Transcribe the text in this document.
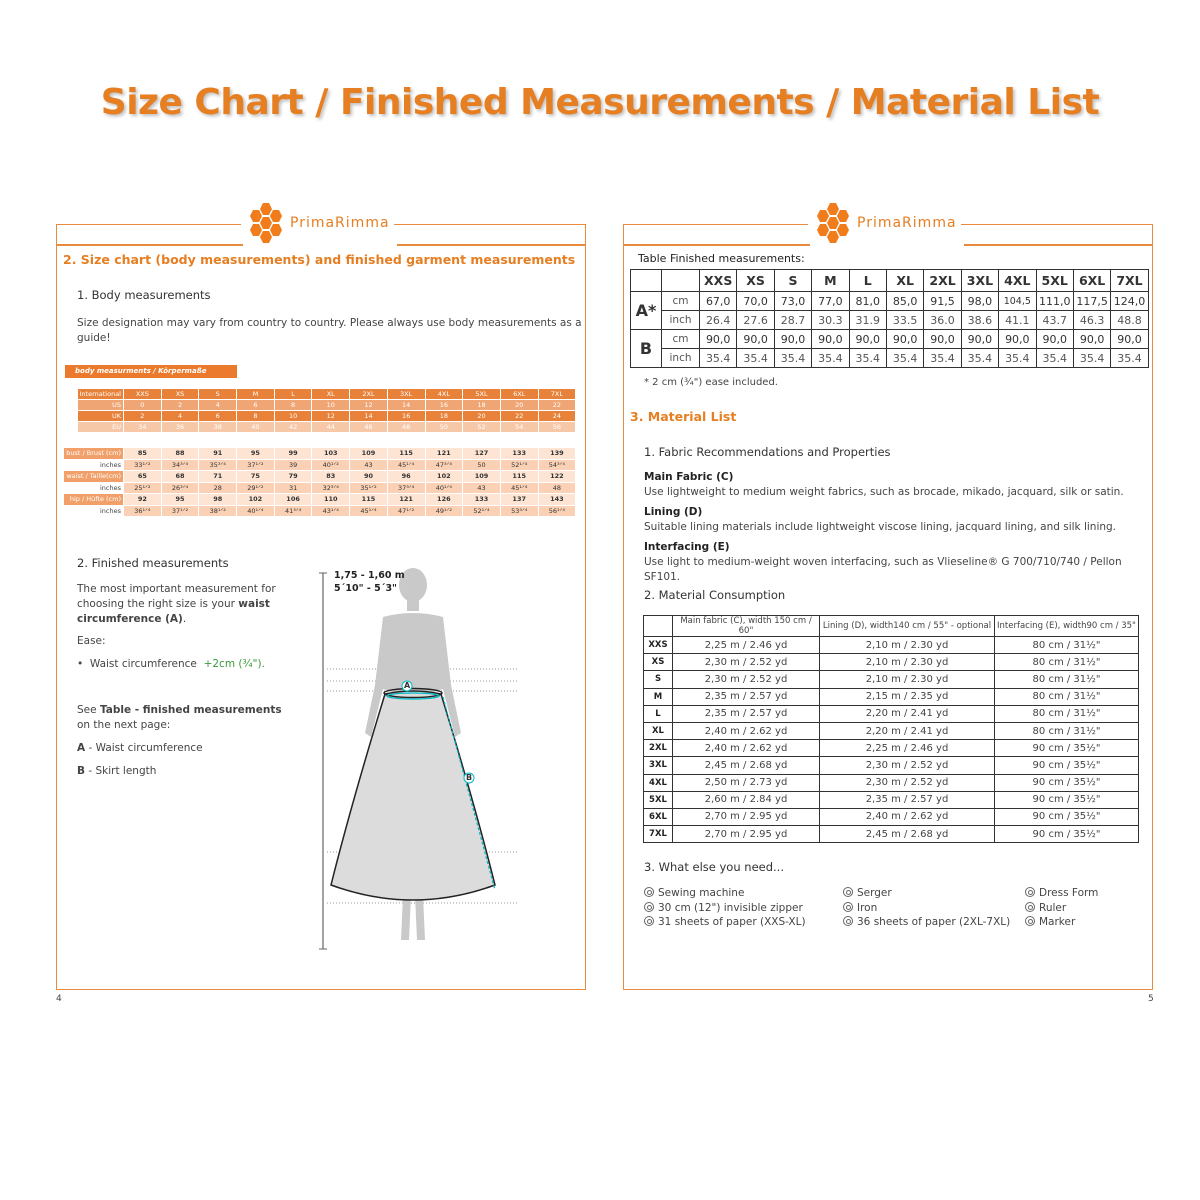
Size Chart / Finished Measurements / Material List
PrimaRimma
2. Size chart (body measurements) and finished garment measurements
1. Body measurements
Size designation may vary from country to country. Please always use body measurements as a guide!
body measurments / Körpermaße
International	XXS	XS	S	M	L	XL	2XL	3XL	4XL	5XL	6XL	7XL
US	0	2	4	6	8	10	12	14	16	18	20	22
UK	2	4	6	8	10	12	14	16	18	20	22	24
EU	34	36	38	40	42	44	46	48	50	52	54	56
bust / Brust (cm)	85	88	91	95	99	103	109	115	121	127	133	139
inches	33¹ᐟ²	34³ᐟ⁴	35³ᐟ⁴	37¹ᐟ²	39	40¹ᐟ²	43	45¹ᐟ⁴	47³ᐟ⁴	50	52¹ᐟ⁴	54³ᐟ⁴
waist / Taille(cm)	65	68	71	75	79	83	90	96	102	109	115	122
inches	25¹ᐟ²	26³ᐟ⁴	28	29¹ᐟ²	31	32³ᐟ⁴	35¹ᐟ²	37³ᐟ⁴	40¹ᐟ⁴	43	45¹ᐟ⁴	48
hip / Hüfte (cm)	92	95	98	102	106	110	115	121	126	133	137	143
inches	36¹ᐟ⁴	37¹ᐟ²	38¹ᐟ²	40¹ᐟ⁴	41³ᐟ⁴	43¹ᐟ⁴	45¹ᐟ⁴	47¹ᐟ²	49¹ᐟ²	52¹ᐟ⁴	53³ᐟ⁴	56¹ᐟ⁴
2. Finished measurements
The most important measurement for choosing the right size is your waist circumference (A).
Ease:
•  Waist circumference +2cm (¾").
See Table - finished measurements on the next page:
A - Waist circumference
B - Skirt length
1,75 - 1,60 m
5´10" - 5´3"
A
B
PrimaRimma
Table Finished measurements:
		XXS	XS	S	M	L	XL	2XL	3XL	4XL	5XL	6XL	7XL
A*	cm	67,0	70,0	73,0	77,0	81,0	85,0	91,5	98,0	104,5	111,0	117,5	124,0
	inch	26.4	27.6	28.7	30.3	31.9	33.5	36.0	38.6	41.1	43.7	46.3	48.8
B	cm	90,0	90,0	90,0	90,0	90,0	90,0	90,0	90,0	90,0	90,0	90,0	90,0
	inch	35.4	35.4	35.4	35.4	35.4	35.4	35.4	35.4	35.4	35.4	35.4	35.4
* 2 cm (¾") ease included.
3. Material List
1. Fabric Recommendations and Properties
Main Fabric (C)
Use lightweight to medium weight fabrics, such as brocade, mikado, jacquard, silk or satin.
Lining (D)
Suitable lining materials include lightweight viscose lining, jacquard lining, and silk lining.
Interfacing (E)
Use light to medium-weight woven interfacing, such as Vlieseline® G 700/710/740 / Pellon SF101.
2. Material Consumption
	Main fabric (C), width 150 cm / 60"	Lining (D), width140 cm / 55" - optional	Interfacing (E), width90 cm / 35"
XXS	2,25 m / 2.46 yd	2,10 m / 2.30 yd	80 cm / 31½"
XS	2,30 m / 2.52 yd	2,10 m / 2.30 yd	80 cm / 31½"
S	2,30 m / 2.52 yd	2,10 m / 2.30 yd	80 cm / 31½"
M	2,35 m / 2.57 yd	2,15 m / 2.35 yd	80 cm / 31½"
L	2,35 m / 2.57 yd	2,20 m / 2.41 yd	80 cm / 31½"
XL	2,40 m / 2.62 yd	2,20 m / 2.41 yd	80 cm / 31½"
2XL	2,40 m / 2.62 yd	2,25 m / 2.46 yd	90 cm / 35½"
3XL	2,45 m / 2.68 yd	2,30 m / 2.52 yd	90 cm / 35½"
4XL	2,50 m / 2.73 yd	2,30 m / 2.52 yd	90 cm / 35½"
5XL	2,60 m / 2.84 yd	2,35 m / 2.57 yd	90 cm / 35½"
6XL	2,70 m / 2.95 yd	2,40 m / 2.62 yd	90 cm / 35½"
7XL	2,70 m / 2.95 yd	2,45 m / 2.68 yd	90 cm / 35½"
3. What else you need...
Sewing machine
30 cm (12") invisible zipper
31 sheets of paper (XXS-XL)
Serger
Iron
36 sheets of paper (2XL-7XL)
Dress Form
Ruler
Marker
4	5
